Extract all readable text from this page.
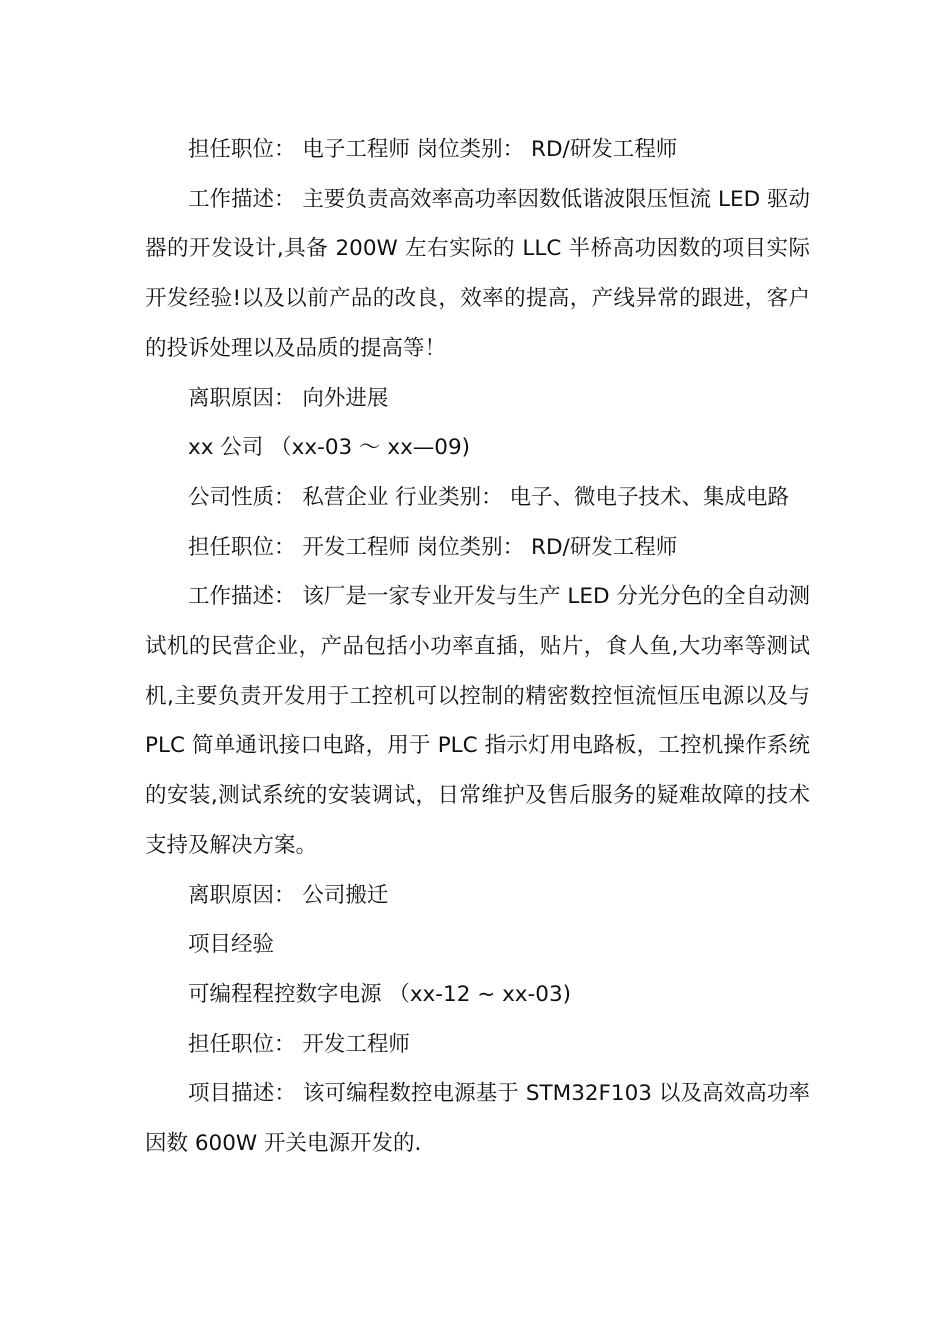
担任职位： 电子工程师 岗位类别： RD/研发工程师

工作描述： 主要负责高效率高功率因数低谐波限压恒流 LED 驱动器的开发设计,具备 200W 左右实际的 LLC 半桥高功因数的项目实际开发经验!以及以前产品的改良，效率的提高，产线异常的跟进，客户的投诉处理以及品质的提高等！

离职原因： 向外进展

xx 公司 （xx-03 ～ xx—09)

公司性质： 私营企业 行业类别： 电子、微电子技术、集成电路

担任职位： 开发工程师 岗位类别： RD/研发工程师

工作描述： 该厂是一家专业开发与生产 LED 分光分色的全自动测试机的民营企业，产品包括小功率直插，贴片，食人鱼,大功率等测试机,主要负责开发用于工控机可以控制的精密数控恒流恒压电源以及与 PLC 简单通讯接口电路，用于 PLC 指示灯用电路板，工控机操作系统的安装,测试系统的安装调试，日常维护及售后服务的疑难故障的技术支持及解决方案。

离职原因： 公司搬迁

项目经验

可编程程控数字电源 （xx-12 ~ xx-03)

担任职位： 开发工程师

项目描述： 该可编程数控电源基于 STM32F103 以及高效高功率因数 600W 开关电源开发的.
